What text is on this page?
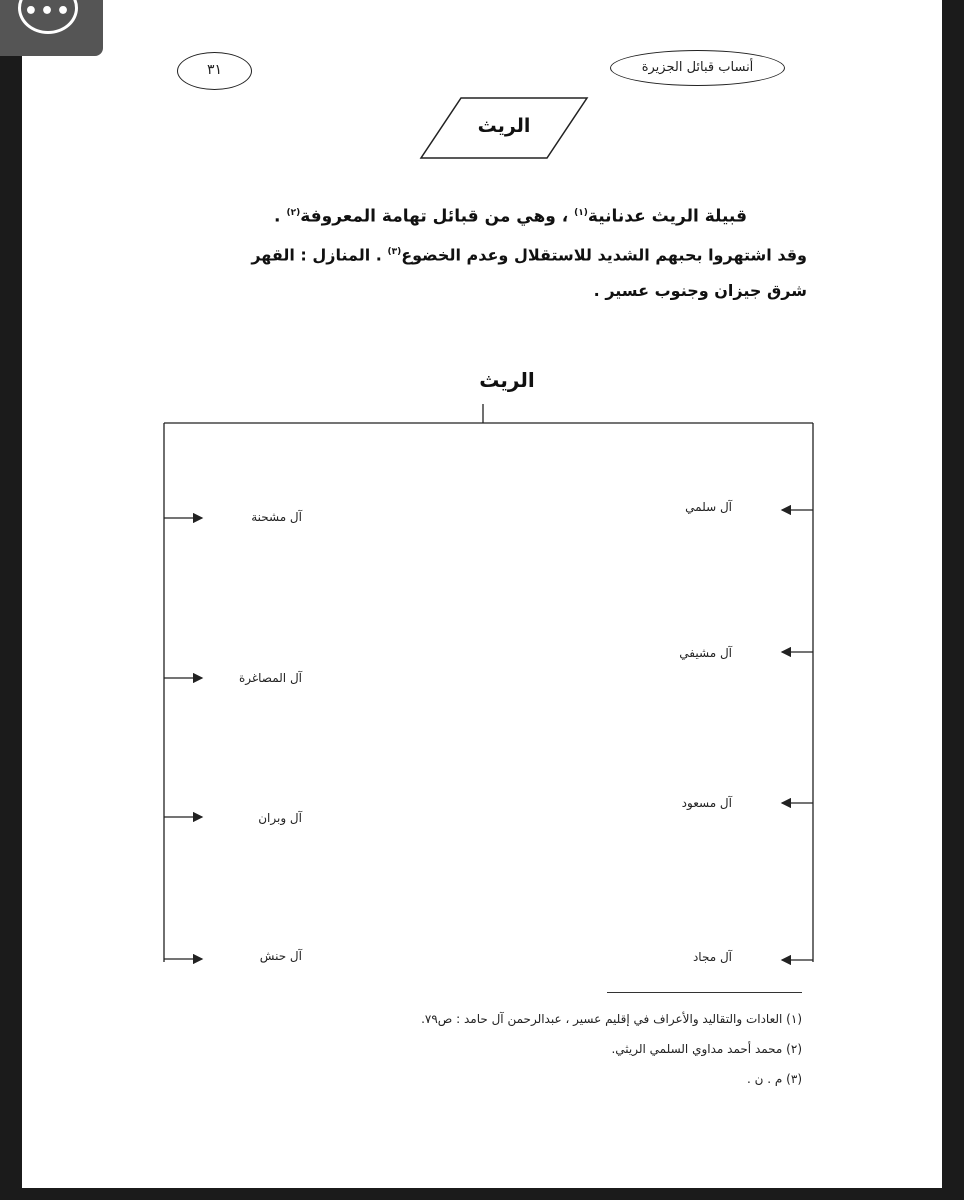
٣١	أنساب قبائل الجزيرة
الريث

قبيلة الريث عدنانية$^{(١)}$ ، وهي من قبائل تهامة المعروفة$^{(٢)}$ .

وقد اشتهروا بحبهم الشديد للاستقلال وعدم الخضوع$^{(٣)}$ . المنازل : القهر شرق جيزان وجنوب عسير .

الريث
آل سلمي
آل مشيفي
آل مسعود
آل مجاد
آل مشحنة
آل المصاغرة
آل وبران
آل حنش
(١) العادات والتقاليد والأعراف في إقليم عسير ، عبدالرحمن آل حامد : ص٧٩.
(٢) محمد أحمد مداوي السلمي الريثي.
(٣) م . ن .
•••
